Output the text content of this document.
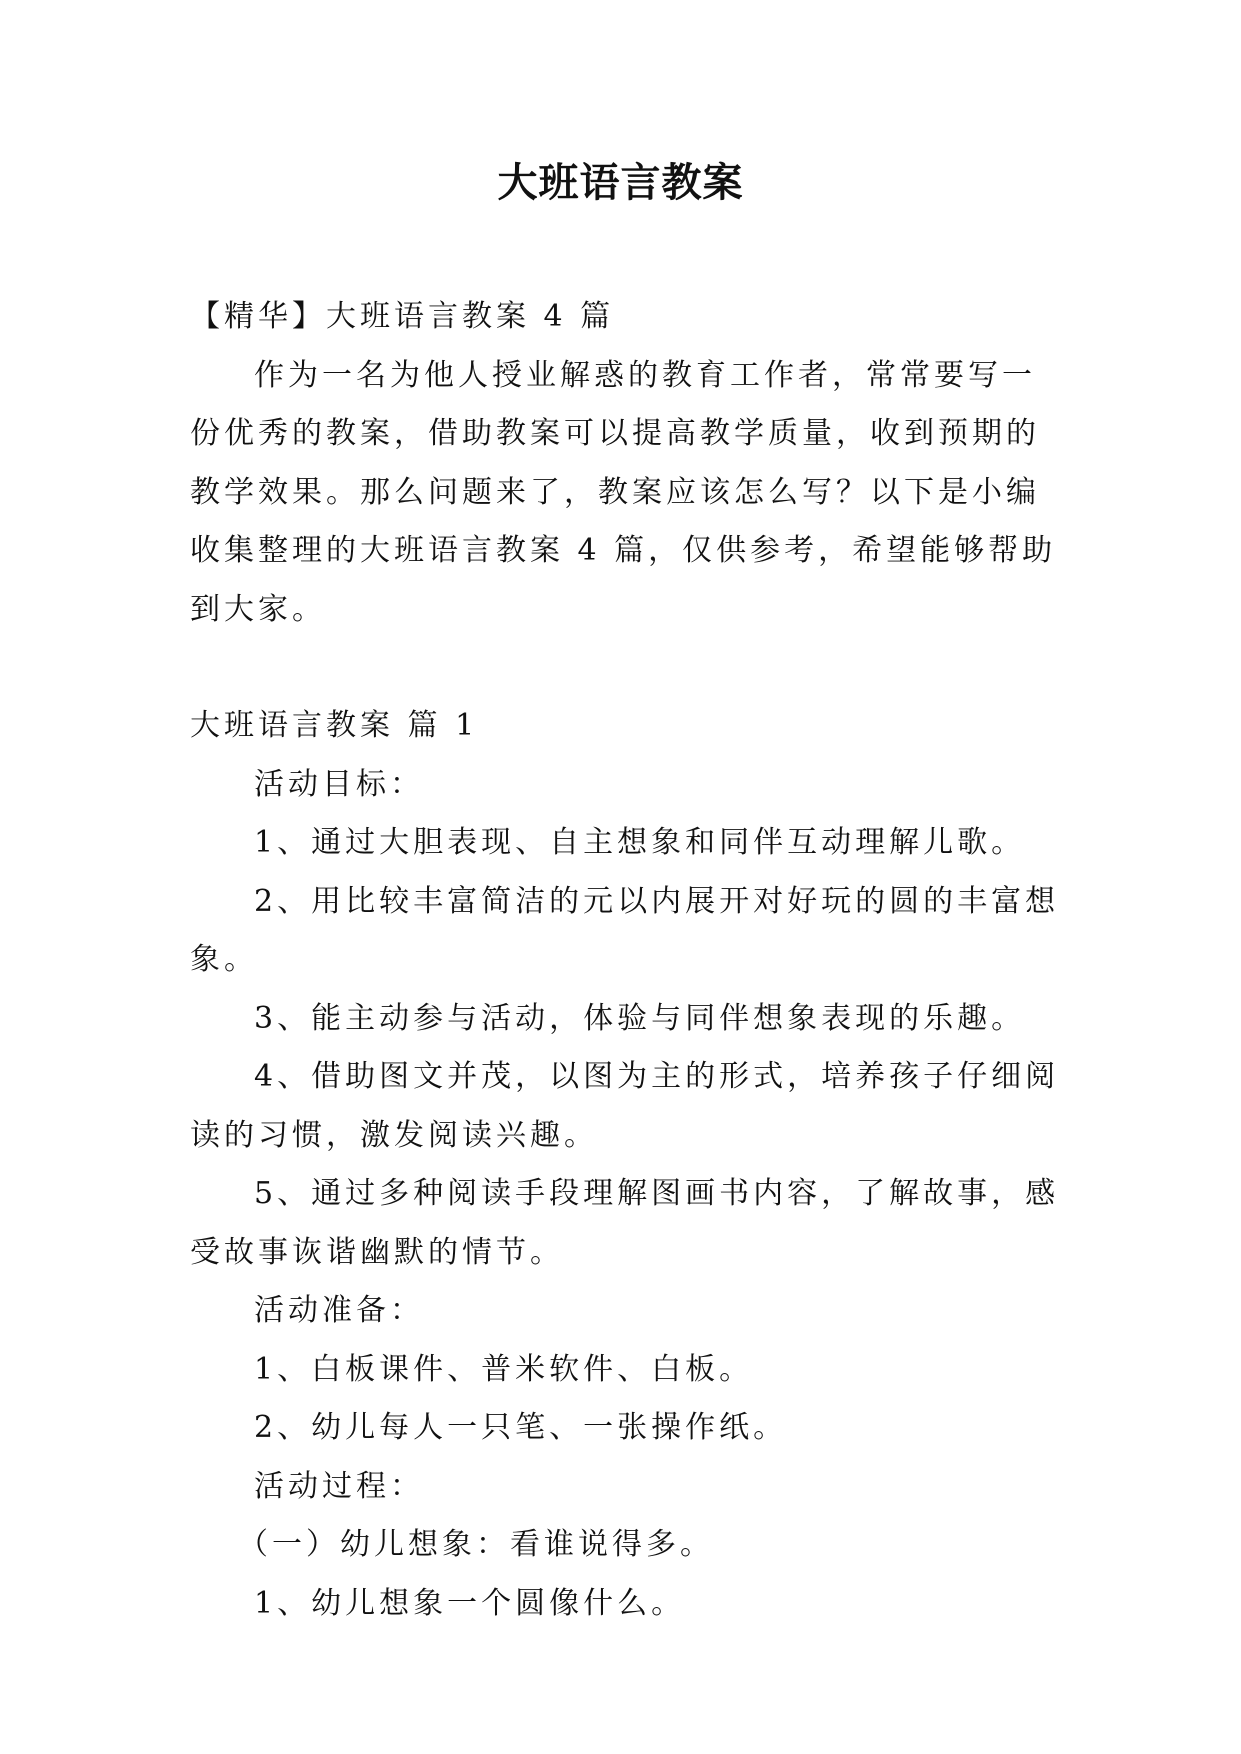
大班语言教案
【精华】大班语言教案 4 篇
作为一名为他人授业解惑的教育工作者，常常要写一份优秀的教案，借助教案可以提高教学质量，收到预期的教学效果。那么问题来了，教案应该怎么写？以下是小编收集整理的大班语言教案 4 篇，仅供参考，希望能够帮助到大家。
大班语言教案 篇 1
活动目标：
1、通过大胆表现、自主想象和同伴互动理解儿歌。
2、用比较丰富简洁的元以内展开对好玩的圆的丰富想象。
3、能主动参与活动，体验与同伴想象表现的乐趣。
4、借助图文并茂，以图为主的形式，培养孩子仔细阅读的习惯，激发阅读兴趣。
5、通过多种阅读手段理解图画书内容，了解故事，感受故事诙谐幽默的情节。
活动准备：
1、白板课件、普米软件、白板。
2、幼儿每人一只笔、一张操作纸。
活动过程：
（一）幼儿想象：看谁说得多。
1、幼儿想象一个圆像什么。
